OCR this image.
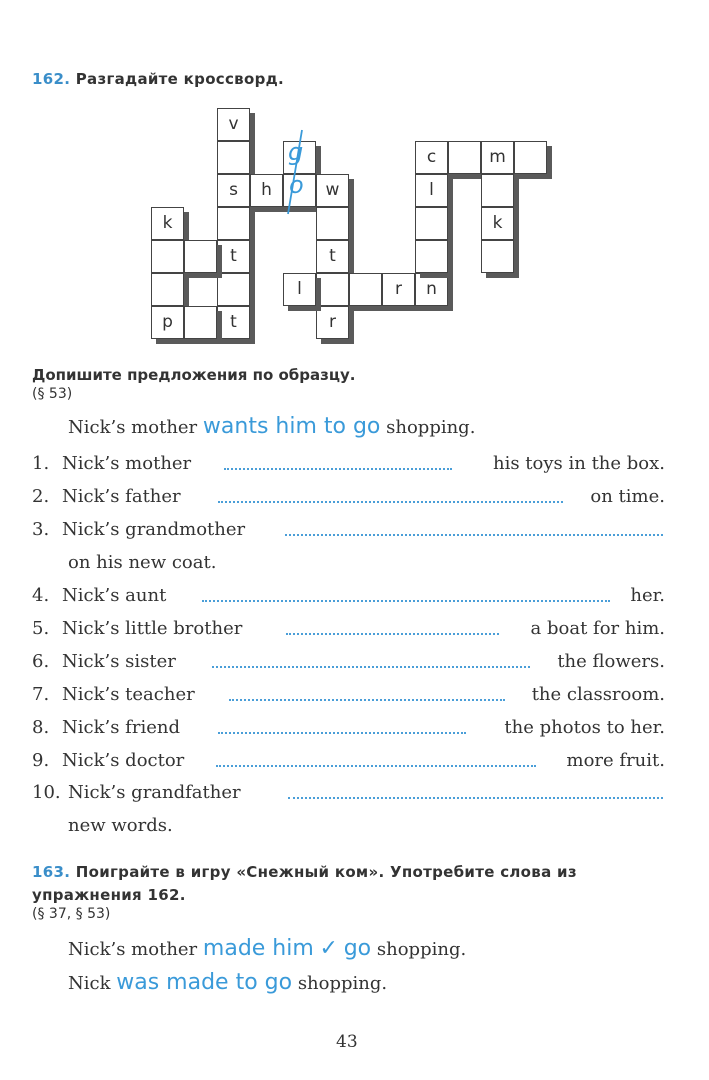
162. Разгадайте кроссворд.
v
s
t
t
k
p
h	w
t
r
l	r	n
c
l
m
k
g
o
Допишите предложения по образцу.
(§ 53)
Nick’s mother wants him to go shopping.
1. Nick’s mother	his toys in the box.
2. Nick’s father	on time.
3. Nick’s grandmother
on his new coat.
4. Nick’s aunt	her.
5. Nick’s little brother	a boat for him.
6. Nick’s sister	the flowers.
7. Nick’s teacher	the classroom.
8. Nick’s friend	the photos to her.
9. Nick’s doctor	more fruit.
10. Nick’s grandfather
new words.
163. Поиграйте в игру «Снежный ком». Употребите слова из
упражнения 162.
(§ 37, § 53)
Nick’s mother made him ✓ go shopping.
Nick was made to go shopping.
43
